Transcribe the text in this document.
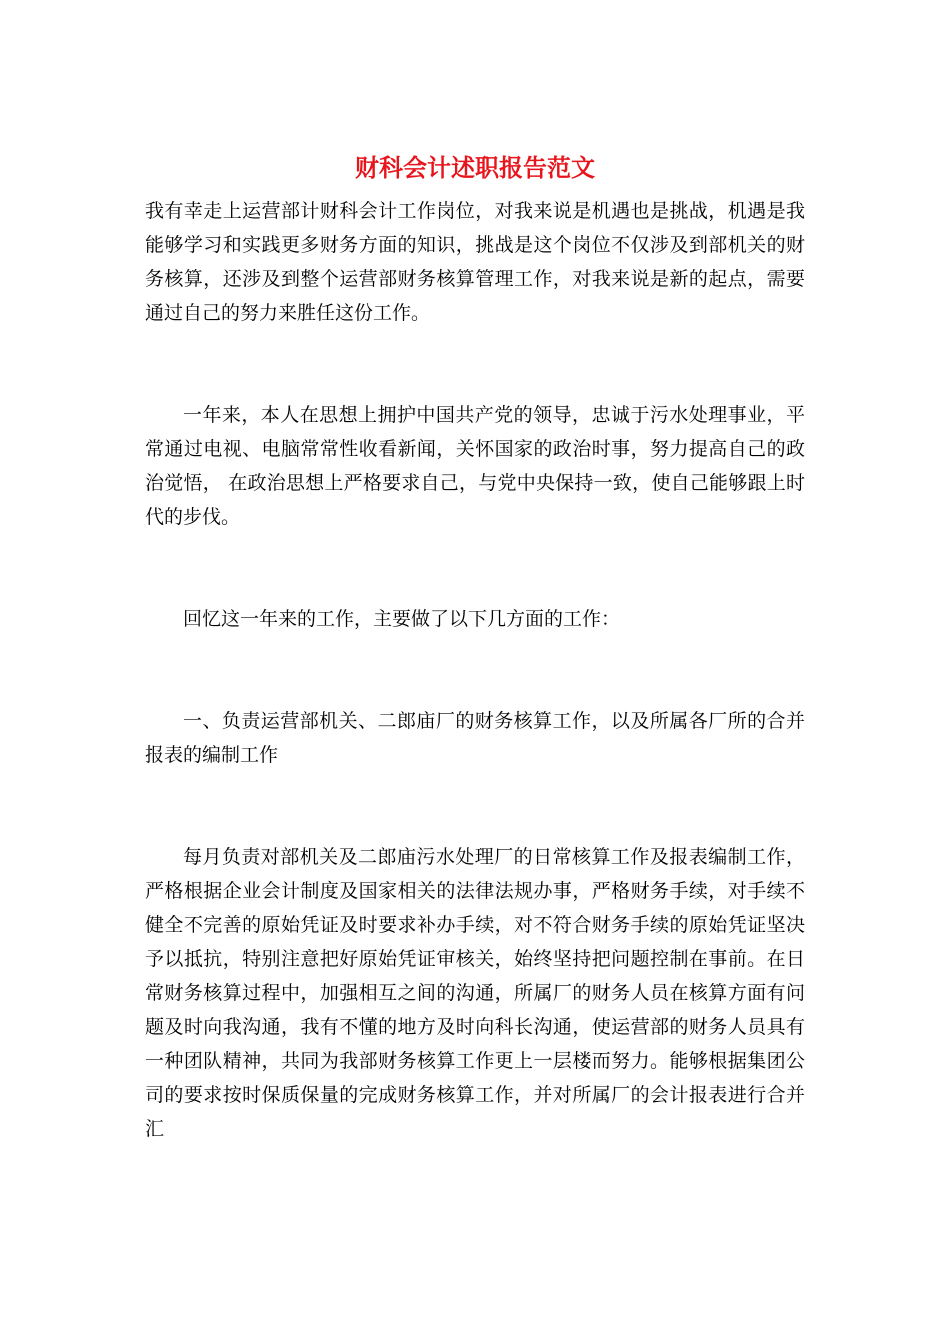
财科会计述职报告范文

我有幸走上运营部计财科会计工作岗位，对我来说是机遇也是挑战，机遇是我能够学习和实践更多财务方面的知识，挑战是这个岗位不仅涉及到部机关的财务核算，还涉及到整个运营部财务核算管理工作，对我来说是新的起点，需要通过自己的努力来胜任这份工作。

一年来，本人在思想上拥护中国共产党的领导，忠诚于污水处理事业，平常通过电视、电脑常常性收看新闻，关怀国家的政治时事，努力提高自己的政治觉悟， 在政治思想上严格要求自己，与党中央保持一致，使自己能够跟上时代的步伐。

回忆这一年来的工作，主要做了以下几方面的工作：

一、负责运营部机关、二郎庙厂的财务核算工作，以及所属各厂所的合并报表的编制工作

每月负责对部机关及二郎庙污水处理厂的日常核算工作及报表编制工作，严格根据企业会计制度及国家相关的法律法规办事，严格财务手续，对手续不健全不完善的原始凭证及时要求补办手续，对不符合财务手续的原始凭证坚决予以抵抗，特别注意把好原始凭证审核关，始终坚持把问题控制在事前。在日常财务核算过程中，加强相互之间的沟通，所属厂的财务人员在核算方面有问题及时向我沟通，我有不懂的地方及时向科长沟通，使运营部的财务人员具有一种团队精神，共同为我部财务核算工作更上一层楼而努力。能够根据集团公司的要求按时保质保量的完成财务核算工作，并对所属厂的会计报表进行合并汇
